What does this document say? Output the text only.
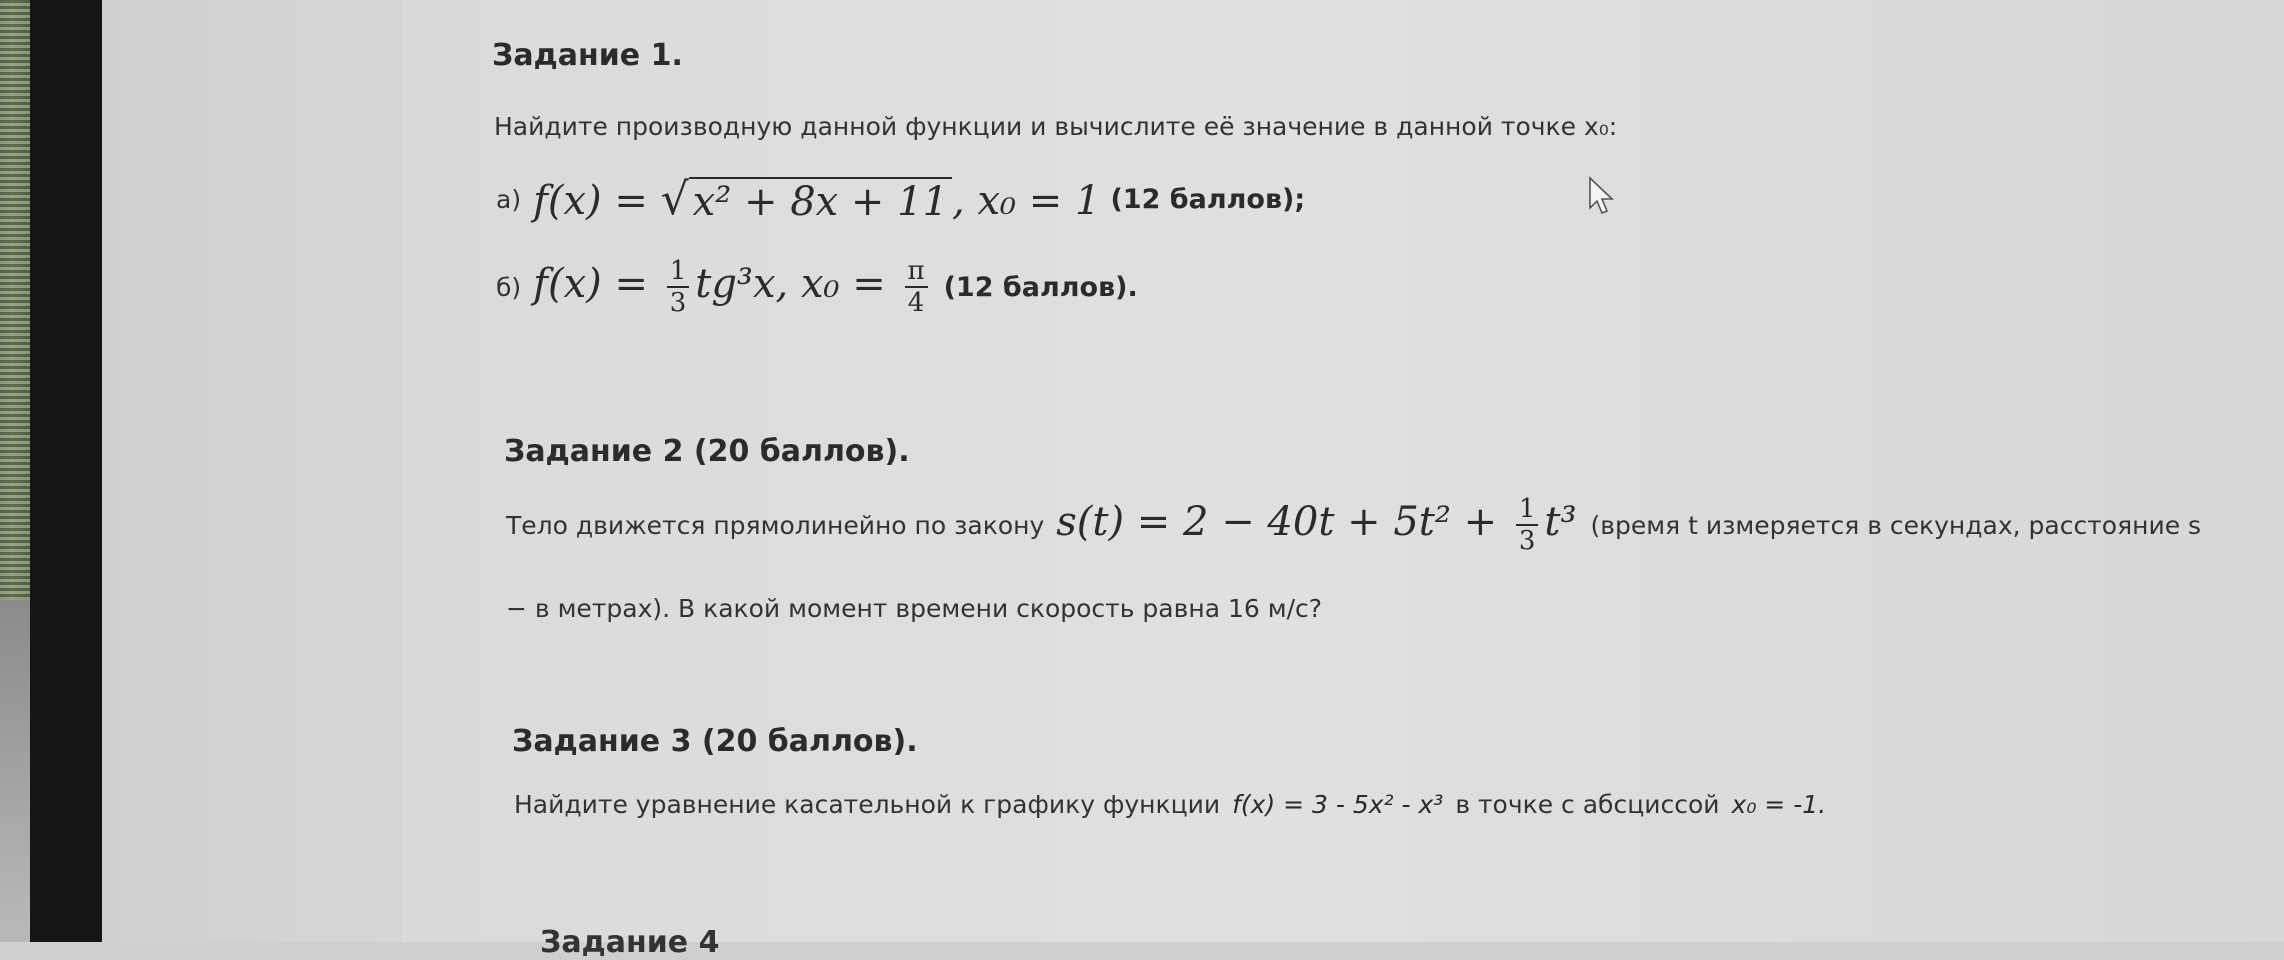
Задание 1.
Найдите производную данной функции и вычислите её значение в данной точке x₀:
а) f(x) = √ x² + 8x + 11 , x₀ = 1 (12 баллов);
б) $f(x) = \frac{1}{3} tg^3x$, $x_0 = \frac{\pi}{4} (12$ баллов).
Задание 2 (20 баллов).
Тело движется прямолинейно по закону $s(t) = 2 - 40t + 5t^2 + \frac{1}{3} t^3$ (время t измеряется в секундах, расстояние s
− в метрах). В какой момент времени скорость равна 16 м/с?
Задание 3 (20 баллов).
Найдите уравнение касательной к графику функции f(x) = 3 - 5x² - x³ в точке с абсциссой x₀ = -1.
Задание 4
